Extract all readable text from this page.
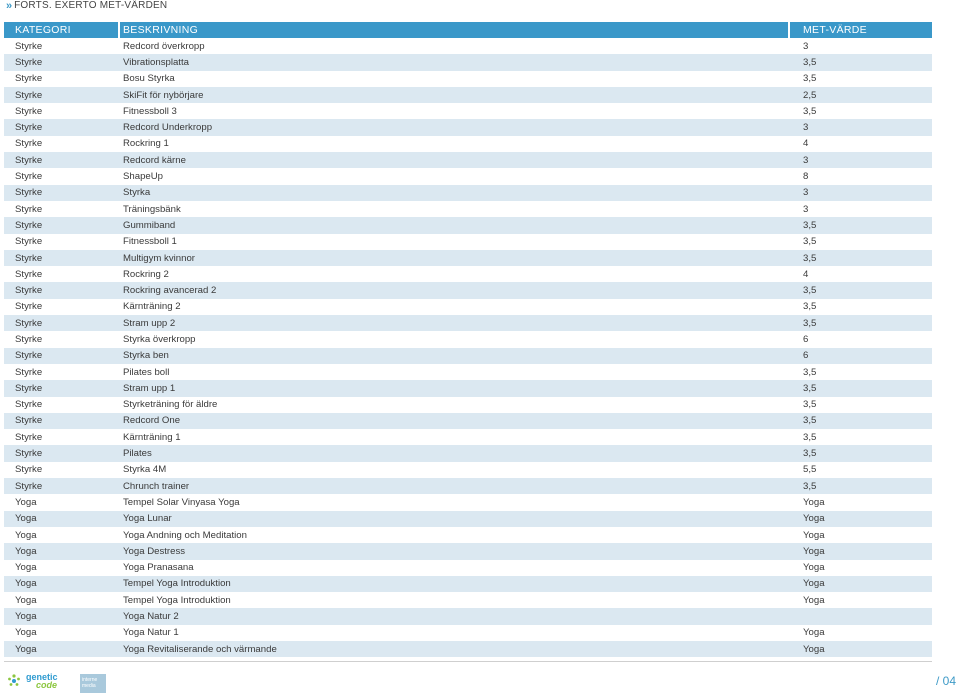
» FORTS. EXERTO MET-VÄRDEN
KATEGORI	BESKRIVNING	MET-VÄRDE
Styrke	Redcord överkropp	3
Styrke	Vibrationsplatta	3,5
Styrke	Bosu Styrka	3,5
Styrke	SkiFit för nybörjare	2,5
Styrke	Fitnessboll 3	3,5
Styrke	Redcord Underkropp	3
Styrke	Rockring 1	4
Styrke	Redcord kärne	3
Styrke	ShapeUp	8
Styrke	Styrka	3
Styrke	Träningsbänk	3
Styrke	Gummiband	3,5
Styrke	Fitnessboll 1	3,5
Styrke	Multigym kvinnor	3,5
Styrke	Rockring 2	4
Styrke	Rockring avancerad 2	3,5
Styrke	Kärnträning 2	3,5
Styrke	Stram upp 2	3,5
Styrke	Styrka överkropp	6
Styrke	Styrka ben	6
Styrke	Pilates boll	3,5
Styrke	Stram upp 1	3,5
Styrke	Styrketräning för äldre	3,5
Styrke	Redcord One	3,5
Styrke	Kärnträning 1	3,5
Styrke	Pilates	3,5
Styrke	Styrka 4M	5,5
Styrke	Chrunch trainer	3,5
Yoga	Tempel Solar Vinyasa Yoga	Yoga
Yoga	Yoga Lunar	Yoga
Yoga	Yoga Andning och Meditation	Yoga
Yoga	Yoga Destress	Yoga
Yoga	Yoga Pranasana	Yoga
Yoga	Tempel Yoga Introduktion	Yoga
Yoga	Tempel Yoga Introduktion	Yoga
Yoga	Yoga Natur 2
Yoga	Yoga Natur 1	Yoga
Yoga	Yoga Revitaliserande och värmande	Yoga
genetic
code	interne media	/ 04
